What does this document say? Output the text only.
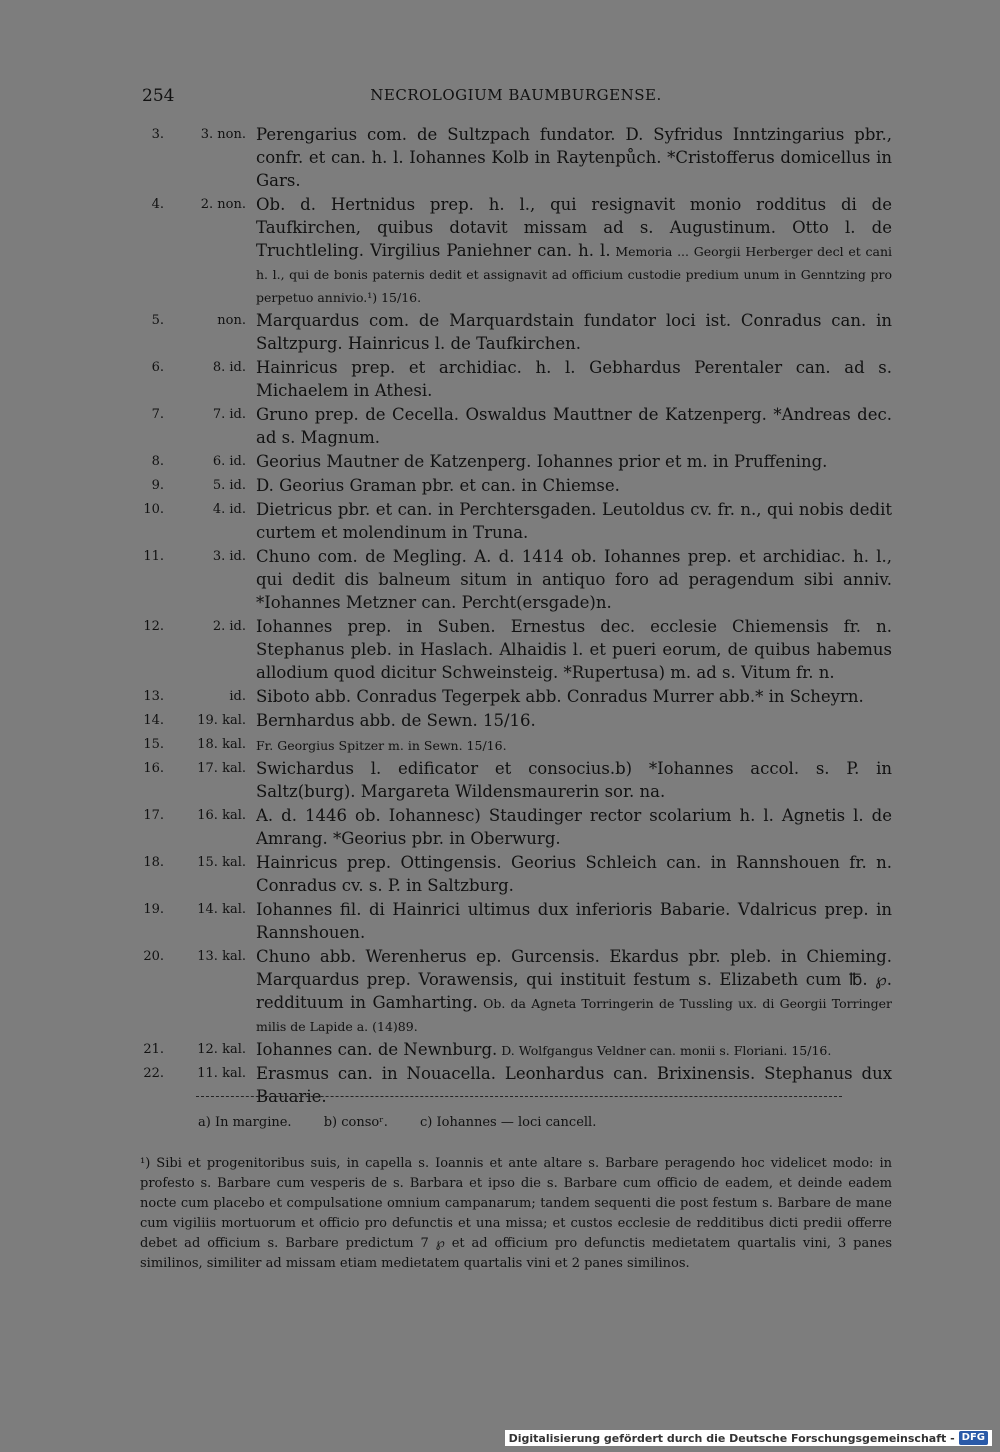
254	NECROLOGIUM BAUMBURGENSE.
3.	3. non. Perengarius com. de Sultzpach fundator. D. Syfridus Inntzingarius pbr., confr. et can. h. l. Iohannes Kolb in Raytenpůch. *Cristofferus domicellus in Gars.
4.	2. non. Ob. d. Hertnidus prep. h. l., qui resignavit monio rodditus di de Taufkirchen, quibus dotavit missam ad s. Augustinum. Otto l. de Truchtleling. Virgilius Paniehner can. h. l. Memoria ... Georgii Herberger decl et cani h. l., qui de bonis paternis dedit et assignavit ad officium custodie predium unum in Genntzing pro perpetuo annivio.¹) 15/16.
5.	non. Marquardus com. de Marquardstain fundator loci ist. Conradus can. in Saltzpurg. Hainricus l. de Taufkirchen.
6.	8. id. Hainricus prep. et archidiac. h. l. Gebhardus Perentaler can. ad s. Michaelem in Athesi.
7.	7. id. Gruno prep. de Cecella. Oswaldus Mauttner de Katzenperg. *Andreas dec. ad s. Magnum.
8.	6. id. Georius Mautner de Katzenperg. Iohannes prior et m. in Pruffening.
9.	5. id. D. Georius Graman pbr. et can. in Chiemse.
10.	4. id. Dietricus pbr. et can. in Perchtersgaden. Leutoldus cv. fr. n., qui nobis dedit curtem et molendinum in Truna.
11.	3. id. Chuno com. de Megling. A. d. 1414 ob. Iohannes prep. et archidiac. h. l., qui dedit dis balneum situm in antiquo foro ad peragendum sibi anniv. *Iohannes Metzner can. Percht(ersgade)n.
12.	2. id. Iohannes prep. in Suben. Ernestus dec. ecclesie Chiemensis fr. n. Stephanus pleb. in Haslach. Alhaidis l. et pueri eorum, de quibus habemus allodium quod dicitur Schweinsteig. *Rupertusa) m. ad s. Vitum fr. n.
13.	id. Siboto abb. Conradus Tegerpek abb. Conradus Murrer abb.* in Scheyrn.
14.	19. kal. Bernhardus abb. de Sewn. 15/16.
15.	18. kal. Fr. Georgius Spitzer m. in Sewn. 15/16.
16.	17. kal. Swichardus l. edificator et consocius.b) *Iohannes accol. s. P. in Saltz(burg). Margareta Wildensmaurerin sor. na.
17.	16. kal. A. d. 1446 ob. Iohannesc) Staudinger rector scolarium h. l. Agnetis l. de Amrang. *Georius pbr. in Oberwurg.
18.	15. kal. Hainricus prep. Ottingensis. Georius Schleich can. in Rannshouen fr. n. Conradus cv. s. P. in Saltzburg.
19.	14. kal. Iohannes fil. di Hainrici ultimus dux inferioris Babarie. Vdalricus prep. in Rannshouen.
20.	13. kal. Chuno abb. Werenherus ep. Gurcensis. Ekardus pbr. pleb. in Chieming. Marquardus prep. Vorawensis, qui instituit festum s. Elizabeth cum ℔. ℘. reddituum in Gamharting. Ob. da Agneta Torringerin de Tussling ux. di Georgii Torringer milis de Lapide a. (14)89.
21.	12. kal. Iohannes can. de Newnburg. D. Wolfgangus Veldner can. monii s. Floriani. 15/16.
22.	11. kal. Erasmus can. in Nouacella. Leonhardus can. Brixinensis. Stephanus dux Bauarie.
a) In margine. b) consoʳ. c) Iohannes — loci cancell.
¹) Sibi et progenitoribus suis, in capella s. Ioannis et ante altare s. Barbare peragendo hoc videlicet modo: in profesto s. Barbare cum vesperis de s. Barbara et ipso die s. Barbare cum officio de eadem, et deinde eadem nocte cum placebo et compulsatione omnium campanarum; tandem sequenti die post festum s. Barbare de mane cum vigiliis mortuorum et officio pro defunctis et una missa; et custos ecclesie de redditibus dicti predii offerre debet ad officium s. Barbare predictum 7 ℘ et ad officium pro defunctis medietatem quartalis vini, 3 panes similinos, similiter ad missam etiam medietatem quartalis vini et 2 panes similinos.
Digitalisierung gefördert durch die Deutsche Forschungsgemeinschaft - DFG
